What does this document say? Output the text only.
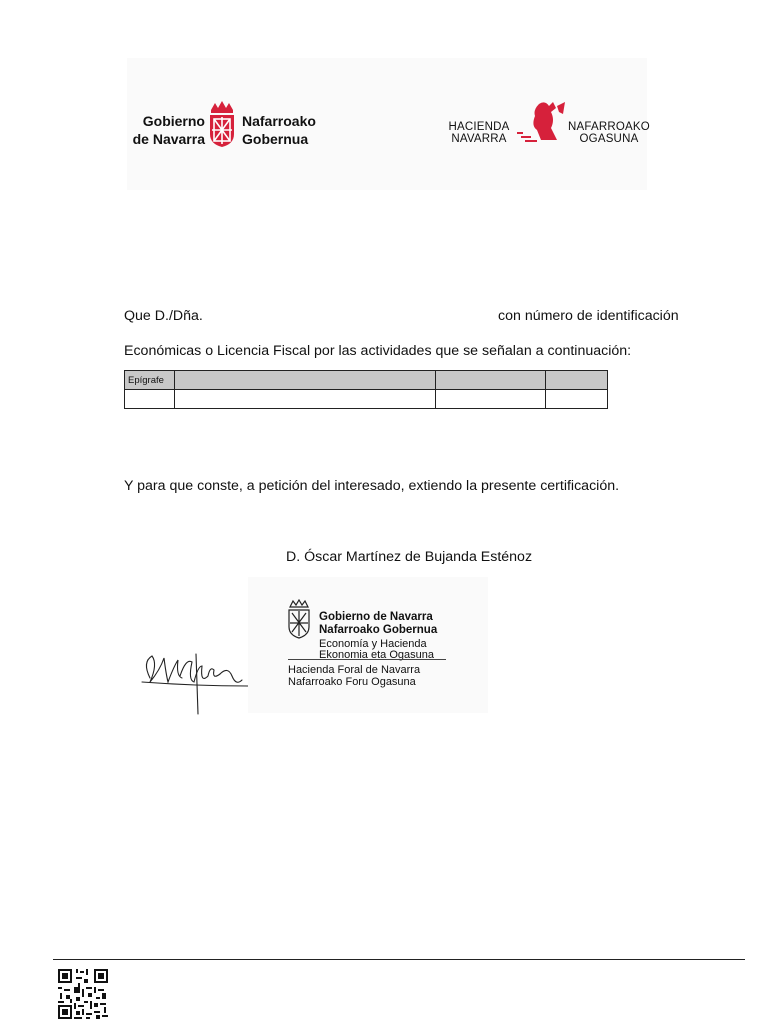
Gobierno
de Navarra
Nafarroako
Gobernua
HACIENDA
NAVARRA
NAFARROAKO
OGASUNA
Que D./Dña.	con número de identificación
Económicas o Licencia Fiscal por las actividades que se señalan a continuación:
Epígrafe			

Y para que conste, a petición del interesado, extiendo la presente certificación.
D. Óscar Martínez de Bujanda Esténoz
Gobierno de Navarra
Nafarroako Gobernua
Economía y Hacienda
Ekonomia eta Ogasuna
Hacienda Foral de Navarra
Nafarroako Foru Ogasuna
